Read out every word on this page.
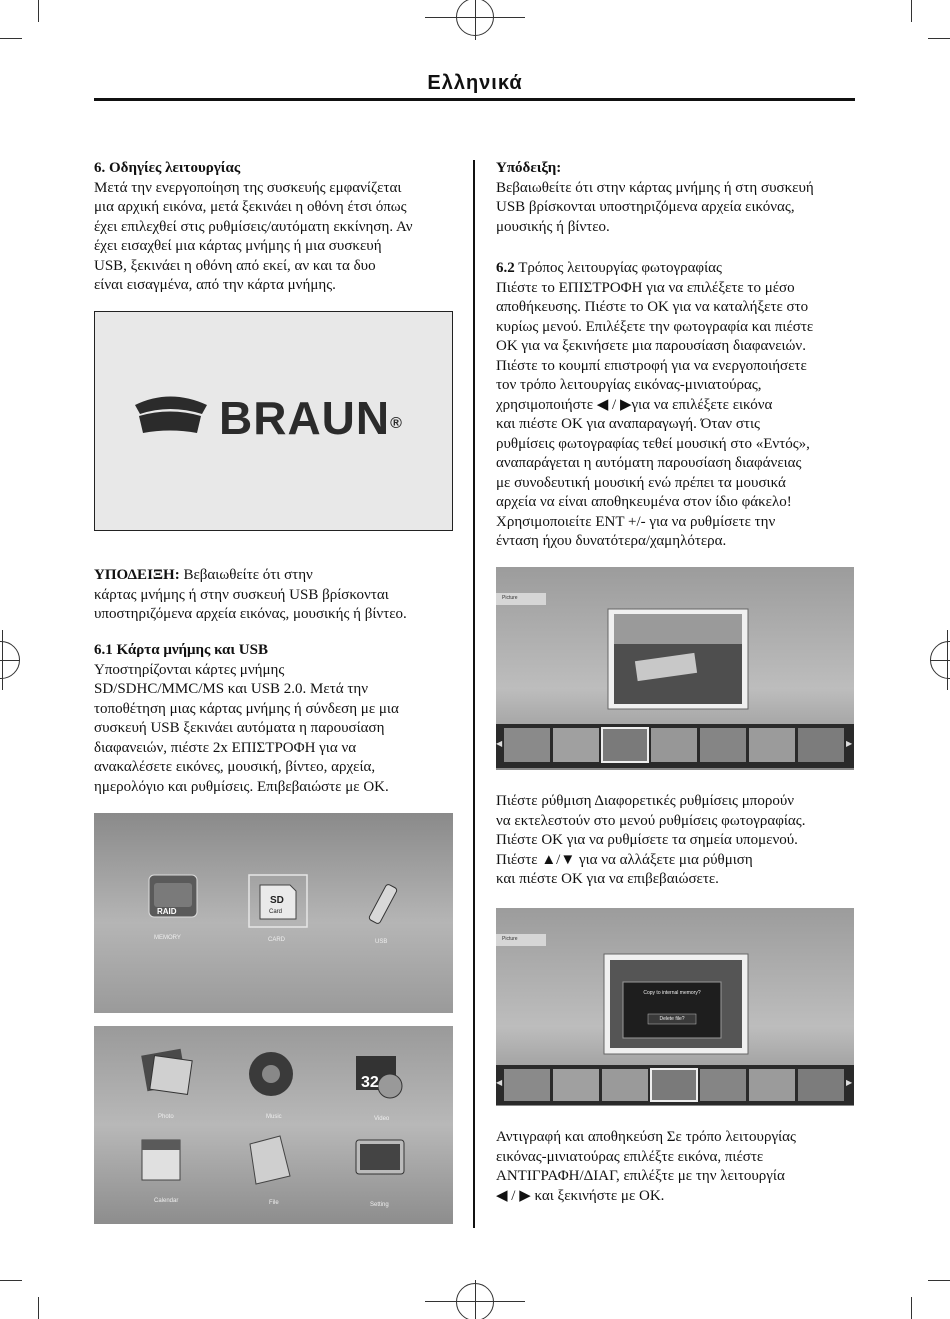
Ελληνικά
6. Οδηγίες λειτουργίας
Μετά την ενεργοποίηση της συσκευής εμφανίζεται
μια αρχική εικόνα, μετά ξεκινάει η οθόνη έτσι όπως
έχει επιλεχθεί στις ρυθμίσεις/αυτόματη εκκίνηση. Αν
έχει εισαχθεί μια κάρτας μνήμης ή μια συσκευή
USB, ξεκινάει η οθόνη από εκεί, αν και τα δυο
είναι εισαγμένα, από την κάρτα μνήμης.
BRAUN®
ΥΠΟΔΕΙΞΗ: Βεβαιωθείτε ότι στην
κάρτας μνήμης ή στην συσκευή USB βρίσκονται
υποστηριζόμενα αρχεία εικόνας, μουσικής ή βίντεο.
6.1 Κάρτα μνήμης και USB
Υποστηρίζονται κάρτες μνήμης
SD/SDHC/MMC/MS και USB 2.0. Μετά την
τοποθέτηση μιας κάρτας μνήμης ή σύνδεση με μια
συσκευή USB ξεκινάει αυτόματα η παρουσίαση
διαφανειών, πιέστε 2x ΕΠΙΣΤΡΟΦΗ για να
ανακαλέσετε εικόνες, μουσική, βίντεο, αρχεία,
ημερολόγιο και ρυθμίσεις. Επιβεβαιώστε με ΟΚ.
RAID
SD
Card
MEMORY	CARD	USB
32
Photo	Music	Video
Calendar	File	Setting
Υπόδειξη:
Βεβαιωθείτε ότι στην κάρτας μνήμης ή στη συσκευή
USB βρίσκονται υποστηριζόμενα αρχεία εικόνας,
μουσικής ή βίντεο.
6.2 Τρόπος λειτουργίας φωτογραφίας
Πιέστε το ΕΠΙΣΤΡΟΦΗ για να επιλέξετε το μέσο
αποθήκευσης. Πιέστε το ΟΚ για να καταλήξετε στο
κυρίως μενού. Επιλέξετε την φωτογραφία και πιέστε
ΟΚ για να ξεκινήσετε μια παρουσίαση διαφανειών.
Πιέστε το κουμπί επιστροφή για να ενεργοποιήσετε
τον τρόπο λειτουργίας εικόνας-μινιατούρας,
χρησιμοποιήστε ◀ / ▶για να επιλέξετε εικόνα
και πιέστε ΟΚ για αναπαραγωγή. Όταν στις
ρυθμίσεις φωτογραφίας τεθεί μουσική στο «Εντός»,
αναπαράγεται η αυτόματη παρουσίαση διαφάνειας
με συνοδευτική μουσική ενώ πρέπει τα μουσικά
αρχεία να είναι αποθηκευμένα στον ίδιο φάκελο!
Χρησιμοποιείτε ENT +/- για να ρυθμίσετε την
ένταση ήχου δυνατότερα/χαμηλότερα.
Picture
◀	▶
Πιέστε ρύθμιση Διαφορετικές ρυθμίσεις μπορούν
να εκτελεστούν στο μενού ρυθμίσεις φωτογραφίας.
Πιέστε ΟΚ για να ρυθμίσετε τα σημεία υπομενού.
Πιέστε ▲/▼ για να αλλάξετε μια ρύθμιση
και πιέστε ΟΚ για να επιβεβαιώσετε.
Picture
Copy to internal memory?
Delete file?
◀	▶
Αντιγραφή και αποθηκεύση Σε τρόπο λειτουργίας
εικόνας-μινιατούρας επιλέξτε εικόνα, πιέστε
ΑΝΤΙΓΡΑΦΗ/ΔΙΑΓ, επιλέξτε με την λειτουργία
◀ / ▶ και ξεκινήστε με ΟΚ.
